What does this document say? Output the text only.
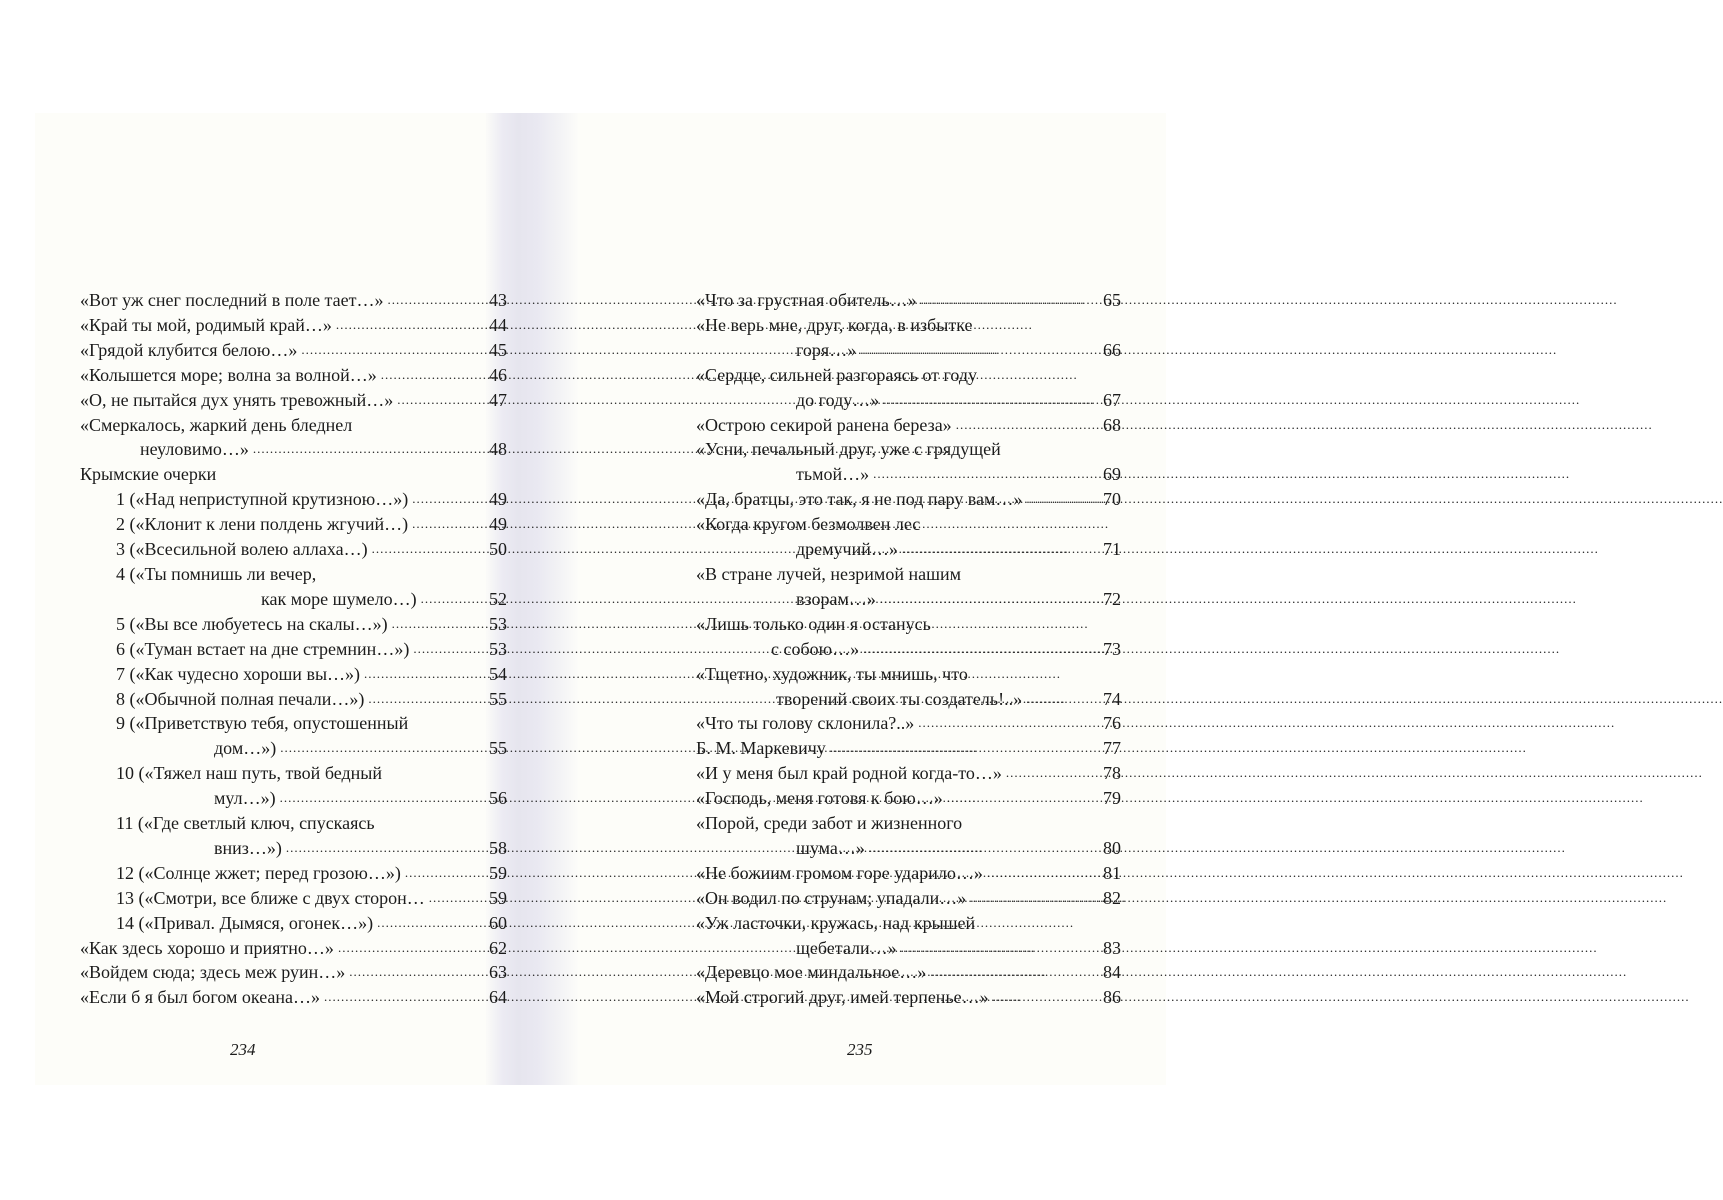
«Вот уж снег последний в поле тает…» .....	43
«Край ты мой, родимый край…» .....	44
«Грядой клубится белою…» .....	45
«Колышется море; волна за волной…» .....	46
«О, не пытайся дух унять тревожный…» .....	47
«Смеркалось, жаркий день бледнел
неуловимо…» .....	48
Крымские очерки
1 («Над неприступной крутизною…») .....	49
2 («Клонит к лени полдень жгучий…) .....	49
3 («Всесильной волею аллаха…) .....	50
4 («Ты помнишь ли вечер,
как море шумело…) .....	52
5 («Вы все любуетесь на скалы…») .....	53
6 («Туман встает на дне стремнин…») .....	53
7 («Как чудесно хороши вы…») .....	54
8 («Обычной полная печали…») .....	55
9 («Приветствую тебя, опустошенный
дом…») .....	55
10 («Тяжел наш путь, твой бедный
мул…») .....	56
11 («Где светлый ключ, спускаясь
вниз…») .....	58
12 («Солнце жжет; перед грозою…») .....	59
13 («Смотри, все ближе с двух сторон… .....	59
14 («Привал. Дымяся, огонек…») .....	60
«Как здесь хорошо и приятно…» .....	62
«Войдем сюда; здесь меж руин…» .....	63
«Если б я был богом океана…» .....	64
«Что за грустная обитель…» .....	65
«Не верь мне, друг, когда, в избытке
горя…» .....	66
«Сердце, сильней разгораясь от году
до году…» .....	67
«Острою секирой ранена береза» .....	68
«Усни, печальный друг, уже с грядущей
тьмой…» .....	69
«Да, братцы, это так, я не под пару вам…» .....	70
«Когда кругом безмолвен лес
дремучий…» .....	71
«В стране лучей, незримой нашим
взорам…» .....	72
«Лишь только один я останусь
с собою…» .....	73
«Тщетно, художник, ты мнишь, что
творений своих ты создатель!..» .....	74
«Что ты голову склонила?..» .....	76
Б. М. Маркевичу .....	77
«И у меня был край родной когда-то…» .....	78
«Господь, меня готовя к бою…» .....	79
«Порой, среди забот и жизненного
шума…» .....	80
«Не божиим громом горе ударило…» .....	81
«Он водил по струнам; упадали…» .....	82
«Уж ласточки, кружась, над крышей
щебетали…» .....	83
«Деревцо мое миндальное…» .....	84
«Мой строгий друг, имей терпенье…» .....	86
234	235
